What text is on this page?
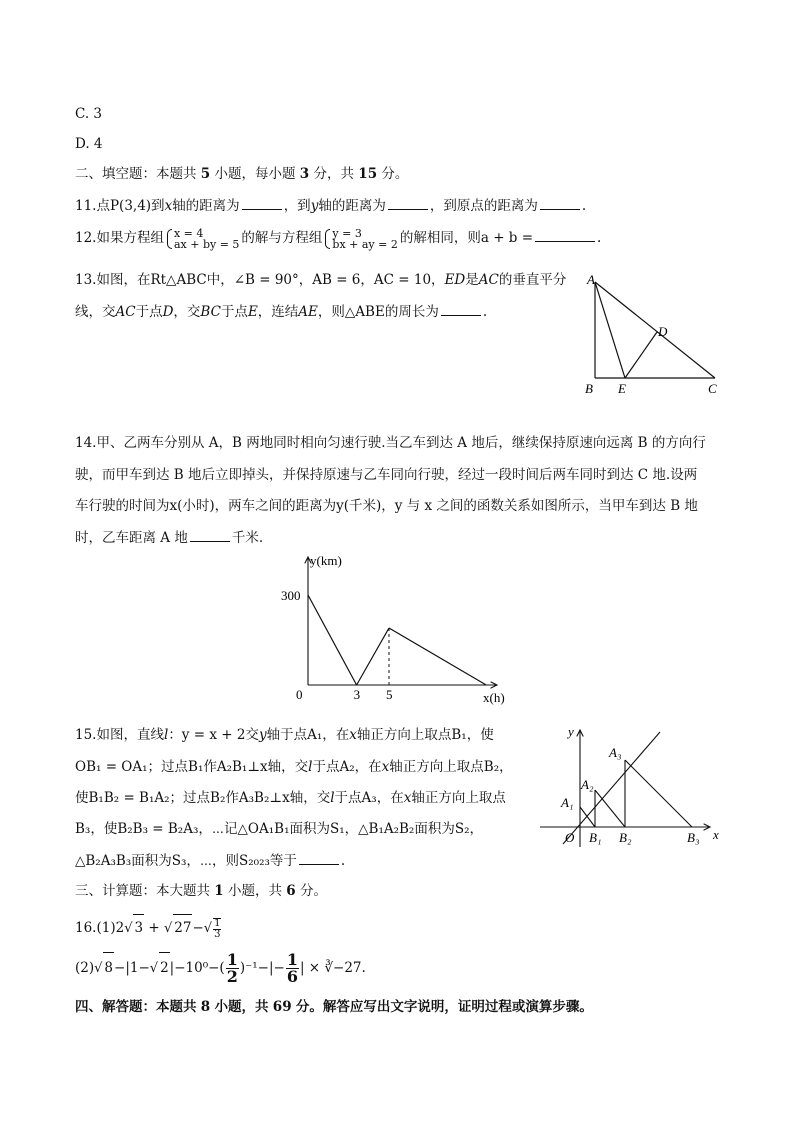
C. 3
D. 4
二、填空题：本题共 5 小题，每小题 3 分，共 15 分。
11.点P(3,4)到x轴的距离为	，到y轴的距离为	，到原点的距离为	.
12.如果方程组 x = 4
ax + by = 5 的解与方程组 y = 3
bx + ay = 2 的解相同，则a + b =	.
13.如图，在Rt△ABC中，∠B = 90°，AB = 6，AC = 10，ED是AC的垂直平分
线，交AC于点D，交BC于点E，连结AE，则△ABE的周长为	.
A
B	C
D
E
14.甲、乙两车分别从 A，B 两地同时相向匀速行驶.当乙车到达 A 地后，继续保持原速向远离 B 的方向行
驶，而甲车到达 B 地后立即掉头，并保持原速与乙车同向行驶，经过一段时间后两车同时到达 C 地.设两
车行驶的时间为x(小时)，两车之间的距离为y(千米)，y 与 x 之间的函数关系如图所示，当甲车到达 B 地
时，乙车距离 A 地	千米.
300
0	3 5
y(km)
x(h)
15.如图，直线l：y = x + 2交y轴于点A₁，在x轴正方向上取点B₁，使
OB₁ = OA₁；过点B₁作A₂B₁⊥x轴，交l于点A₂，在x轴正方向上取点B₂，
使B₁B₂ = B₁A₂；过点B₂作A₃B₂⊥x轴，交l于点A₃，在x轴正方向上取点
B₃，使B₂B₃ = B₂A₃，⋯记△OA₁B₁面积为S₁，△B₁A₂B₂面积为S₂，
△B₂A₃B₃面积为S₃，⋯，则S₂₀₂₃等于	.
y
x
O
A₁
A₂
A₃
B₁ B₂	B₃
三、计算题：本大题共 1 小题，共 6 分。
16.(1)2√ 3 + √ $27-√ \frac{1}{3}$
(2)√ 8−|1−√ $2|-10^0-( \frac{1}{2} )^{-1}-|- \frac{1}{6}$ | × ∛−27.
四、解答题：本题共 8 小题，共 69 分。解答应写出文字说明，证明过程或演算步骤。
